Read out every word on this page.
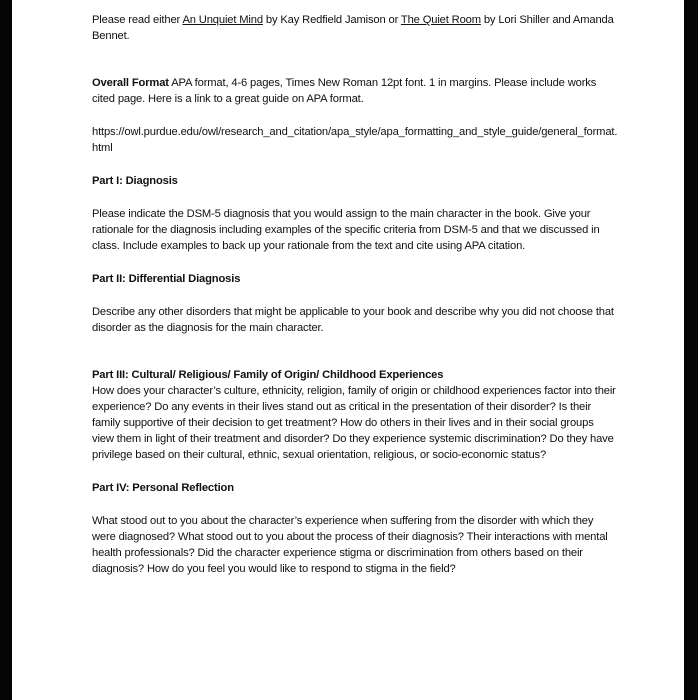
Please read either An Unquiet Mind by Kay Redfield Jamison or The Quiet Room by Lori Shiller and Amanda Bennet.

Overall Format APA format, 4-6 pages, Times New Roman 12pt font. 1 in margins. Please include works cited page. Here is a link to a great guide on APA format.

https://owl.purdue.edu/owl/research_and_citation/apa_style/apa_formatting_and_style_guide/general_format.html

Part I: Diagnosis

Please indicate the DSM-5 diagnosis that you would assign to the main character in the book. Give your rationale for the diagnosis including examples of the specific criteria from DSM-5 and that we discussed in class. Include examples to back up your rationale from the text and cite using APA citation.

Part II: Differential Diagnosis

Describe any other disorders that might be applicable to your book and describe why you did not choose that disorder as the diagnosis for the main character.

Part III: Cultural/ Religious/ Family of Origin/ Childhood Experiences

How does your character’s culture, ethnicity, religion, family of origin or childhood experiences factor into their experience? Do any events in their lives stand out as critical in the presentation of their disorder? Is their family supportive of their decision to get treatment? How do others in their lives and in their social groups view them in light of their treatment and disorder? Do they experience systemic discrimination? Do they have privilege based on their cultural, ethnic, sexual orientation, religious, or socio-economic status?

Part IV: Personal Reflection

What stood out to you about the character’s experience when suffering from the disorder with which they were diagnosed? What stood out to you about the process of their diagnosis? Their interactions with mental health professionals? Did the character experience stigma or discrimination from others based on their diagnosis? How do you feel you would like to respond to stigma in the field?
